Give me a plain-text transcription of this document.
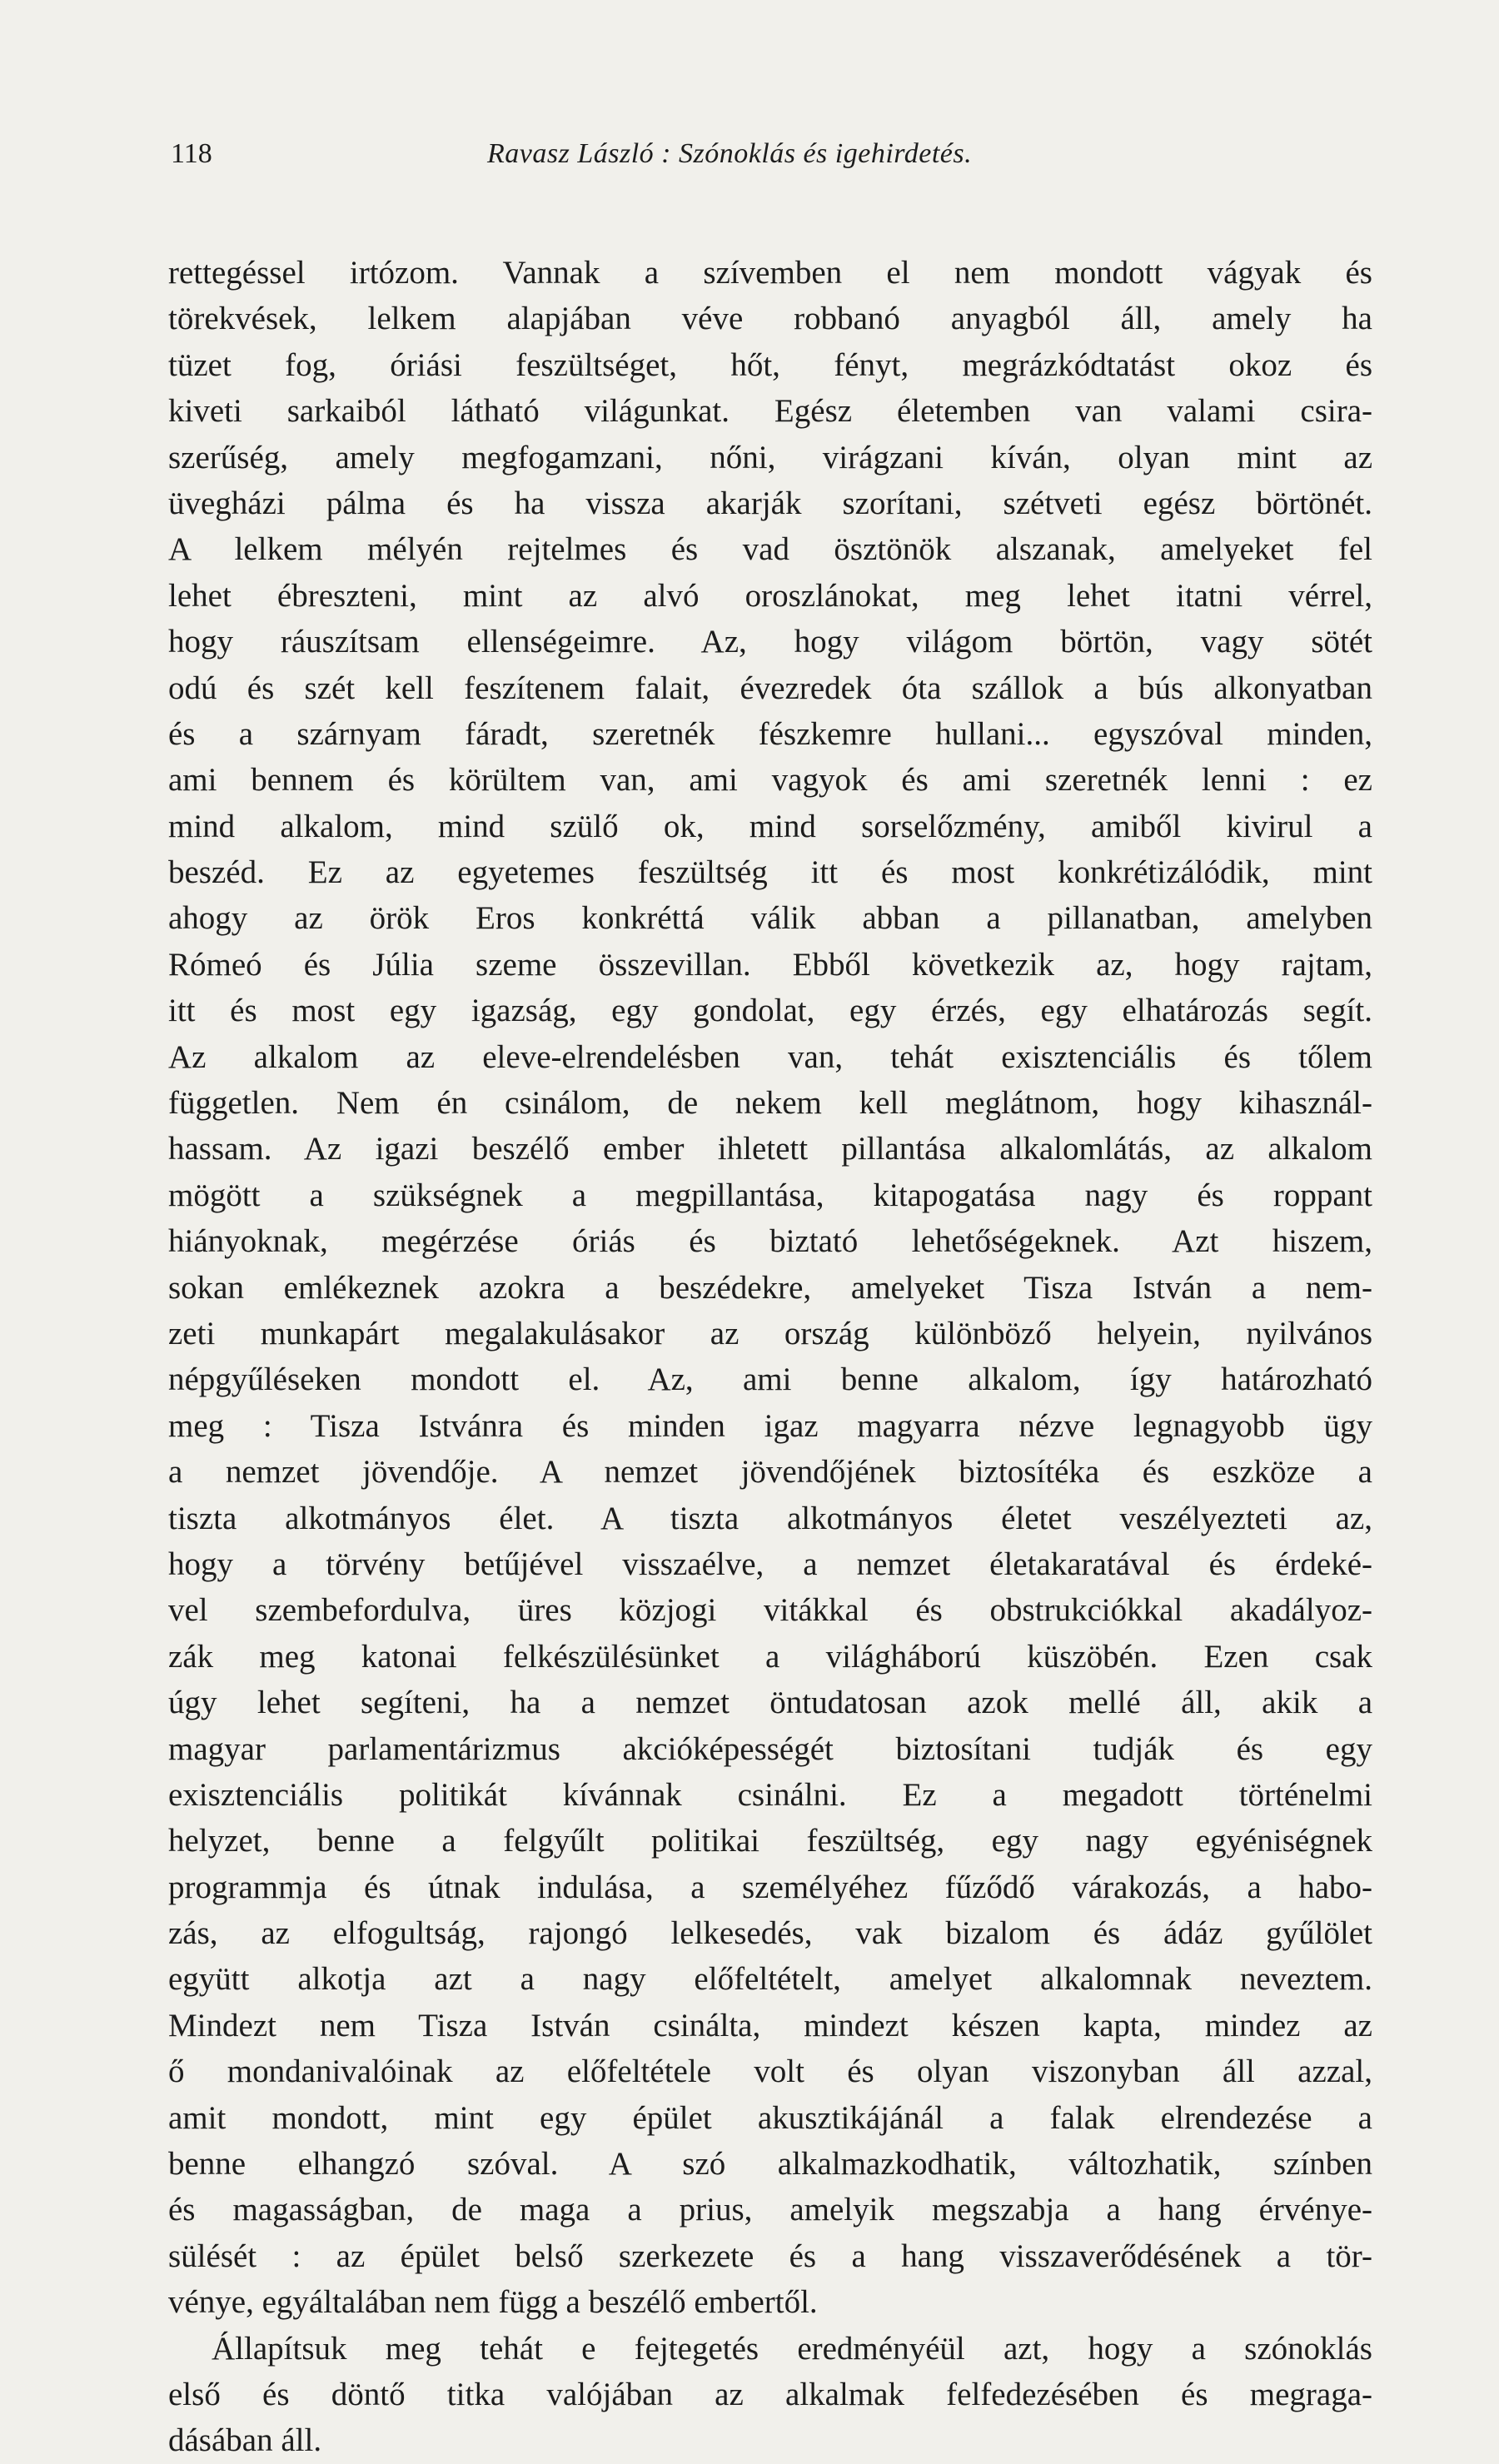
118	Ravasz László : Szónoklás és igehirdetés.
rettegéssel irtózom. Vannak a szívemben el nem mondott vágyak és
törekvések, lelkem alapjában véve robbanó anyagból áll, amely ha
tüzet fog, óriási feszültséget, hőt, fényt, megrázkódtatást okoz és
kiveti sarkaiból látható világunkat. Egész életemben van valami csira-
szerűség, amely megfogamzani, nőni, virágzani kíván, olyan mint az
üvegházi pálma és ha vissza akarják szorítani, szétveti egész börtönét.
A lelkem mélyén rejtelmes és vad ösztönök alszanak, amelyeket fel
lehet ébreszteni, mint az alvó oroszlánokat, meg lehet itatni vérrel,
hogy ráuszítsam ellenségeimre. Az, hogy világom börtön, vagy sötét
odú és szét kell feszítenem falait, évezredek óta szállok a bús alkonyatban
és a szárnyam fáradt, szeretnék fészkemre hullani... egyszóval minden,
ami bennem és körültem van, ami vagyok és ami szeretnék lenni : ez
mind alkalom, mind szülő ok, mind sorselőzmény, amiből kivirul a
beszéd. Ez az egyetemes feszültség itt és most konkrétizálódik, mint
ahogy az örök Eros konkréttá válik abban a pillanatban, amelyben
Rómeó és Júlia szeme összevillan. Ebből következik az, hogy rajtam,
itt és most egy igazság, egy gondolat, egy érzés, egy elhatározás segít.
Az alkalom az eleve-elrendelésben van, tehát exisztenciális és tőlem
független. Nem én csinálom, de nekem kell meglátnom, hogy kihasznál-
hassam. Az igazi beszélő ember ihletett pillantása alkalomlátás, az alkalom
mögött a szükségnek a megpillantása, kitapogatása nagy és roppant
hiányoknak, megérzése óriás és biztató lehetőségeknek. Azt hiszem,
sokan emlékeznek azokra a beszédekre, amelyeket Tisza István a nem-
zeti munkapárt megalakulásakor az ország különböző helyein, nyilvános
népgyűléseken mondott el. Az, ami benne alkalom, így határozható
meg : Tisza Istvánra és minden igaz magyarra nézve legnagyobb ügy
a nemzet jövendője. A nemzet jövendőjének biztosítéka és eszköze a
tiszta alkotmányos élet. A tiszta alkotmányos életet veszélyezteti az,
hogy a törvény betűjével visszaélve, a nemzet életakaratával és érdeké-
vel szembefordulva, üres közjogi vitákkal és obstrukciókkal akadályoz-
zák meg katonai felkészülésünket a világháború küszöbén. Ezen csak
úgy lehet segíteni, ha a nemzet öntudatosan azok mellé áll, akik a
magyar parlamentárizmus akcióképességét biztosítani tudják és egy
exisztenciális politikát kívánnak csinálni. Ez a megadott történelmi
helyzet, benne a felgyűlt politikai feszültség, egy nagy egyéniségnek
programmja és útnak indulása, a személyéhez fűződő várakozás, a habo-
zás, az elfogultság, rajongó lelkesedés, vak bizalom és ádáz gyűlölet
együtt alkotja azt a nagy előfeltételt, amelyet alkalomnak neveztem.
Mindezt nem Tisza István csinálta, mindezt készen kapta, mindez az
ő mondanivalóinak az előfeltétele volt és olyan viszonyban áll azzal,
amit mondott, mint egy épület akusztikájánál a falak elrendezése a
benne elhangzó szóval. A szó alkalmazkodhatik, változhatik, színben
és magasságban, de maga a prius, amelyik megszabja a hang érvénye-
sülését : az épület belső szerkezete és a hang visszaverődésének a tör-
vénye, egyáltalában nem függ a beszélő embertől.
Állapítsuk meg tehát e fejtegetés eredményéül azt, hogy a szónoklás
első és döntő titka valójában az alkalmak felfedezésében és megraga-
dásában áll.
